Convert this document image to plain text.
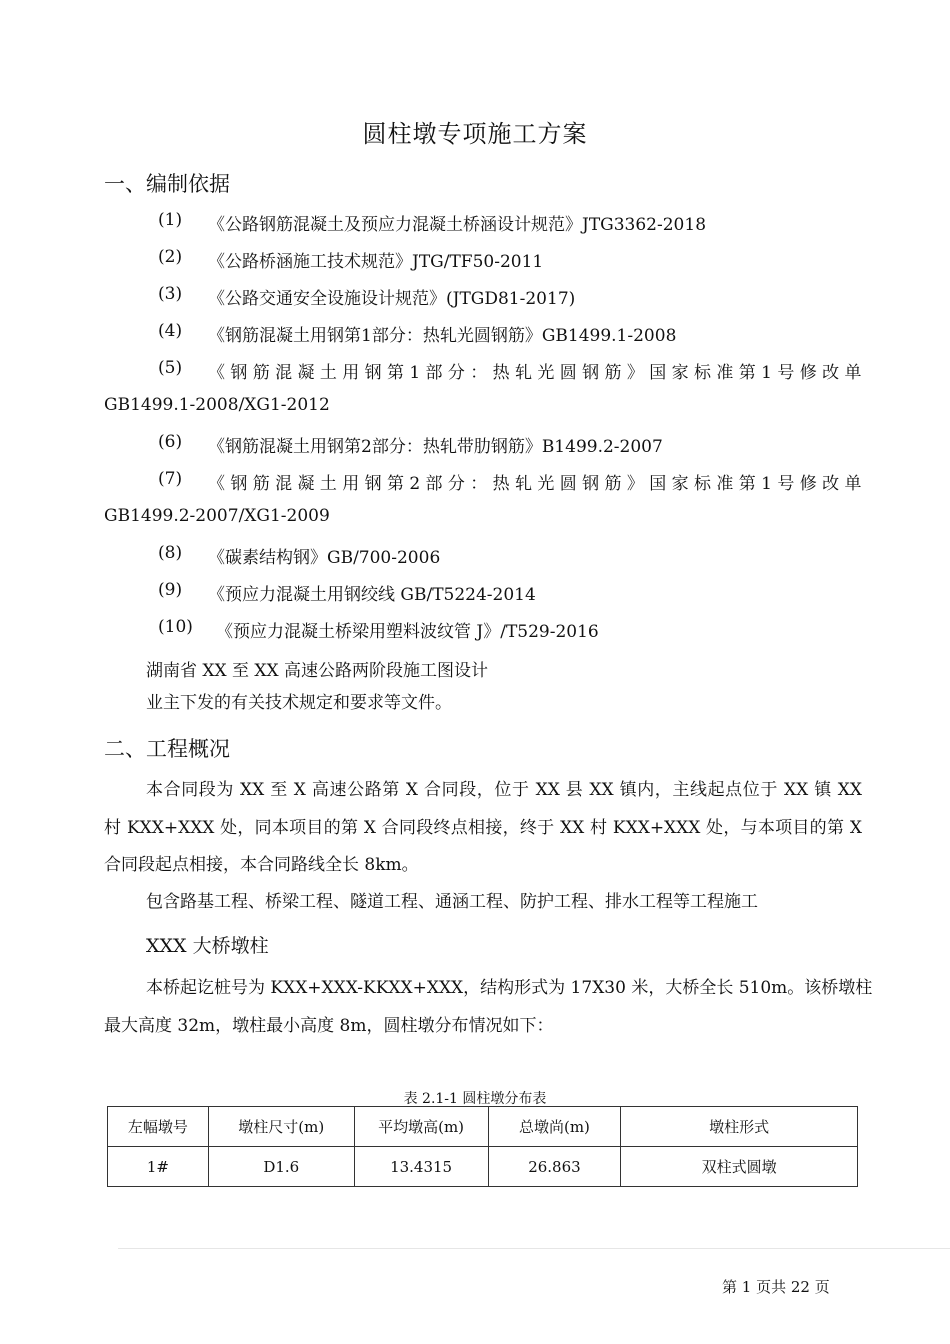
圆柱墩专项施工方案
一、编制依据
(1) 《公路钢筋混凝土及预应力混凝土桥涵设计规范》JTG3362-2018
(2) 《公路桥涵施工技术规范》JTG/TF50-2011
(3) 《公路交通安全设施设计规范》(JTGD81-2017)
(4) 《钢筋混凝土用钢第1部分：热轧光圆钢筋》GB1499.1-2008
(5) 《钢筋混凝土用钢第1部分：热轧光圆钢筋》国家标准第1号修改单
GB1499.1-2008/XG1-2012
(6) 《钢筋混凝土用钢第2部分：热轧带肋钢筋》B1499.2-2007
(7) 《钢筋混凝土用钢第2部分：热轧光圆钢筋》国家标准第1号修改单
GB1499.2-2007/XG1-2009
(8) 《碳素结构钢》GB/700-2006
(9) 《预应力混凝土用钢绞线 GB/T5224-2014
(10) 《预应力混凝土桥梁用塑料波纹管 J》/T529-2016
湖南省 XX 至 XX 高速公路两阶段施工图设计
业主下发的有关技术规定和要求等文件。
二、工程概况
本合同段为 XX 至 X 高速公路第 X 合同段，位于 XX 县 XX 镇内，主线起点位于 XX 镇 XX
村 KXX+XXX 处，同本项目的第 X 合同段终点相接，终于 XX 村 KXX+XXX 处，与本项目的第 X
合同段起点相接，本合同路线全长 8km。
包含路基工程、桥梁工程、隧道工程、通涵工程、防护工程、排水工程等工程施工
XXX 大桥墩柱
本桥起讫桩号为 KXX+XXX-KKXX+XXX，结构形式为 17X30 米，大桥全长 510m。该桥墩柱
最大高度 32m，墩柱最小高度 8m，圆柱墩分布情况如下：
表 2.1-1 圆柱墩分布表
左幅墩号	墩柱尺寸(m)	平均墩高(m)	总墩尚(m)	墩柱形式
1#	D1.6	13.4315	26.863	双柱式圆墩
第 1 页共 22 页
